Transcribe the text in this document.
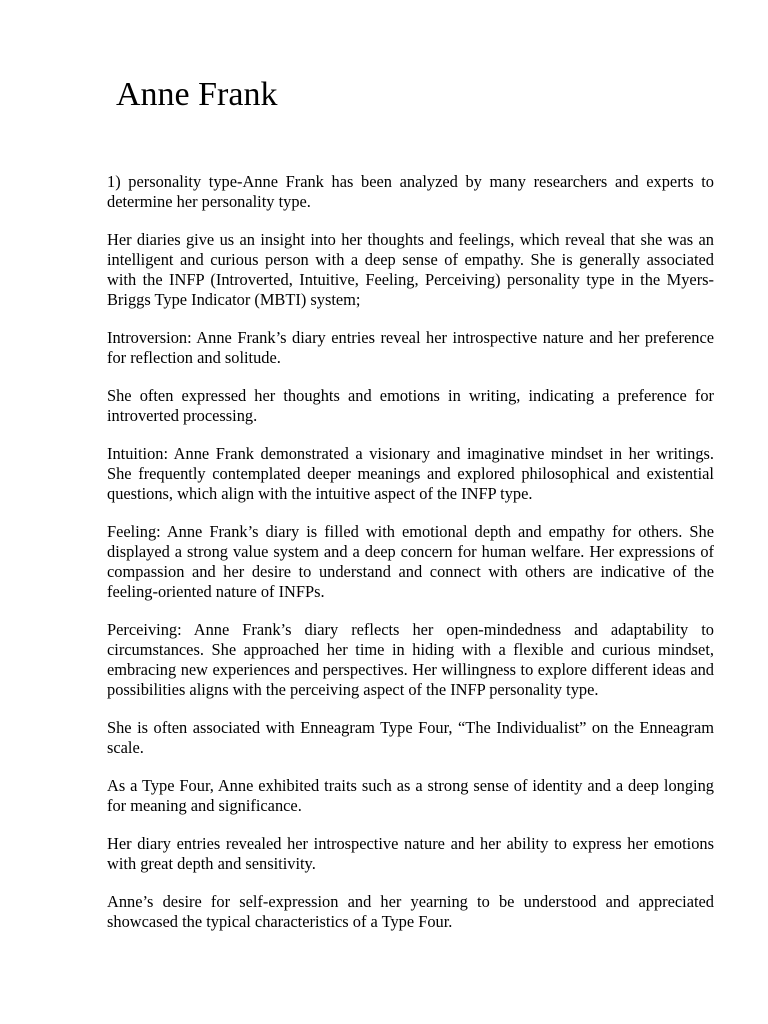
Anne Frank

1) personality type-Anne Frank has been analyzed by many researchers and experts to determine her personality type.

Her diaries give us an insight into her thoughts and feelings, which reveal that she was an intelligent and curious person with a deep sense of empathy. She is generally associated with the INFP (Introverted, Intuitive, Feeling, Perceiving) personality type in the Myers-Briggs Type Indicator (MBTI) system;

Introversion: Anne Frank’s diary entries reveal her introspective nature and her preference for reflection and solitude.

She often expressed her thoughts and emotions in writing, indicating a preference for introverted processing.

Intuition: Anne Frank demonstrated a visionary and imaginative mindset in her writings. She frequently contemplated deeper meanings and explored philosophical and existential questions, which align with the intuitive aspect of the INFP type.

Feeling: Anne Frank’s diary is filled with emotional depth and empathy for others. She displayed a strong value system and a deep concern for human welfare. Her expressions of compassion and her desire to understand and connect with others are indicative of the feeling-oriented nature of INFPs.

Perceiving: Anne Frank’s diary reflects her open-mindedness and adaptability to circumstances. She approached her time in hiding with a flexible and curious mindset, embracing new experiences and perspectives. Her willingness to explore different ideas and possibilities aligns with the perceiving aspect of the INFP personality type.

She is often associated with Enneagram Type Four, “The Individualist” on the Enneagram scale.

As a Type Four, Anne exhibited traits such as a strong sense of identity and a deep longing for meaning and significance.

Her diary entries revealed her introspective nature and her ability to express her emotions with great depth and sensitivity.

Anne’s desire for self-expression and her yearning to be understood and appreciated showcased the typical characteristics of a Type Four.
